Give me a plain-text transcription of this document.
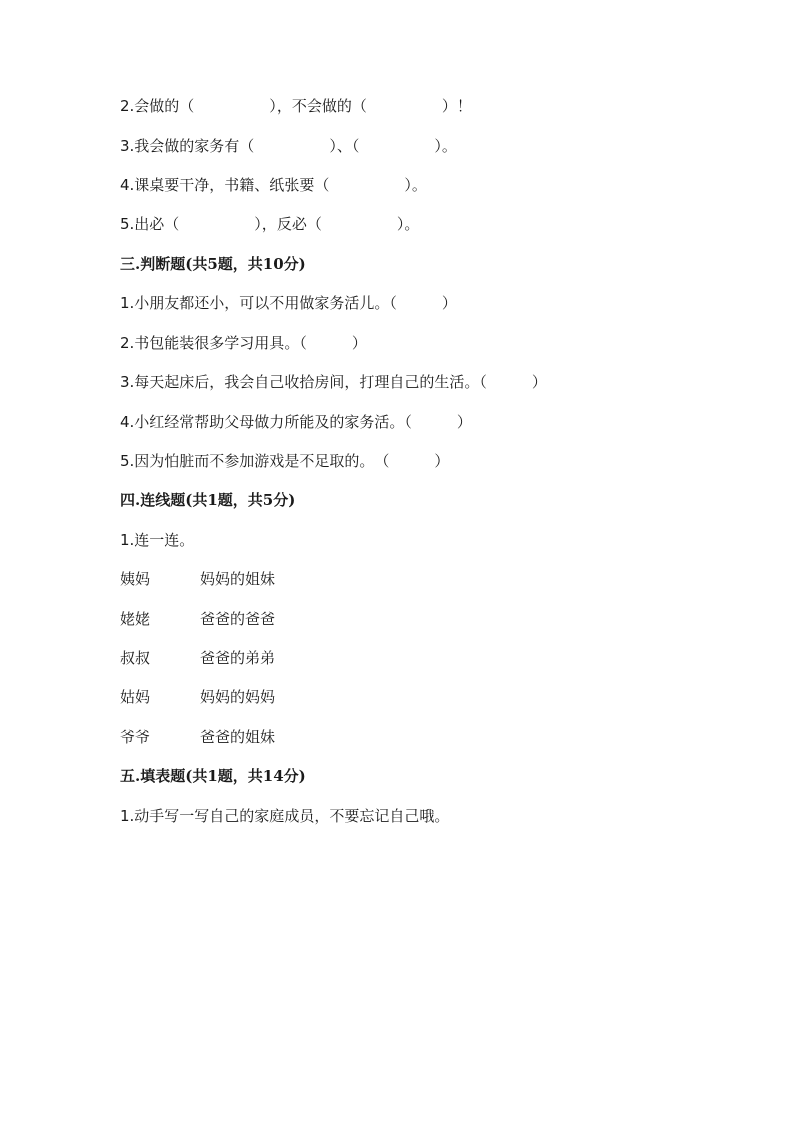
2.会做的（　　　　　），不会做的（　　　　　）！
3.我会做的家务有（　　　　　）、（　　　　　）。
4.课桌要干净，书籍、纸张要（　　　　　）。
5.出必（　　　　　），反必（　　　　　）。
三.判断题(共5题，共10分)
1.小朋友都还小，可以不用做家务活儿。（　　　）
2.书包能装很多学习用具。（　　　）
3.每天起床后，我会自己收拾房间，打理自己的生活。（　　　）
4.小红经常帮助父母做力所能及的家务活。（　　　）
5.因为怕脏而不参加游戏是不足取的。　（　　　）
四.连线题(共1题，共5分)
1.连一连。
姨妈	妈妈的姐妹
姥姥	爸爸的爸爸
叔叔	爸爸的弟弟
姑妈	妈妈的妈妈
爷爷	爸爸的姐妹
五.填表题(共1题，共14分)
1.动手写一写自己的家庭成员，不要忘记自己哦。
